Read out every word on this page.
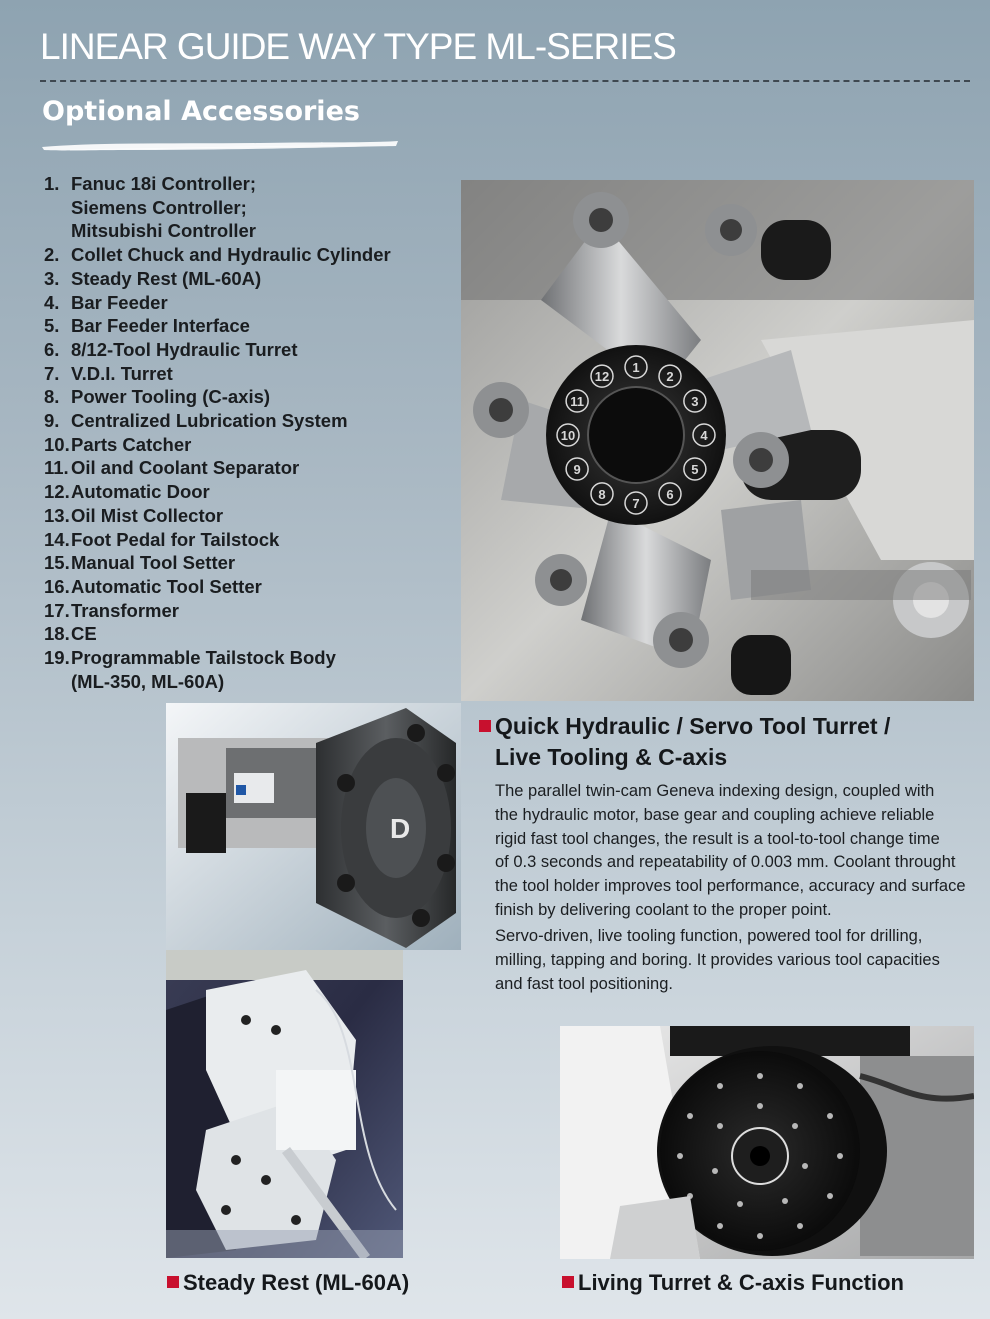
LINEAR GUIDE WAY TYPE ML-SERIES
Optional Accessories
1. Fanuc 18i Controller;
Siemens Controller;
Mitsubishi Controller
2. Collet Chuck and Hydraulic Cylinder
3. Steady Rest (ML-60A)
4. Bar Feeder
5. Bar Feeder Interface
6. 8/12-Tool Hydraulic Turret
7. V.D.I. Turret
8. Power Tooling (C-axis)
9. Centralized Lubrication System
10. Parts Catcher
11. Oil and Coolant Separator
12. Automatic Door
13. Oil Mist Collector
14. Foot Pedal for Tailstock
15. Manual Tool Setter
16. Automatic Tool Setter
17. Transformer
18. CE
19. Programmable Tailstock Body
(ML-350, ML-60A)
1
2
3
4
5
6
7
8
9
10
11
12
D
Quick Hydraulic / Servo Tool Turret /
Live Tooling & C-axis
The parallel twin-cam Geneva indexing design, coupled with
the hydraulic motor, base gear and coupling achieve reliable
rigid fast tool changes, the result is a tool-to-tool change time
of 0.3 seconds and repeatability of 0.003 mm. Coolant throught
the tool holder improves tool performance, accuracy and surface
finish by delivering coolant to the proper point.
Servo-driven, live tooling function, powered tool for drilling,
milling, tapping and boring. It provides various tool capacities
and fast tool positioning.
Steady Rest (ML-60A)	Living Turret & C-axis Function
